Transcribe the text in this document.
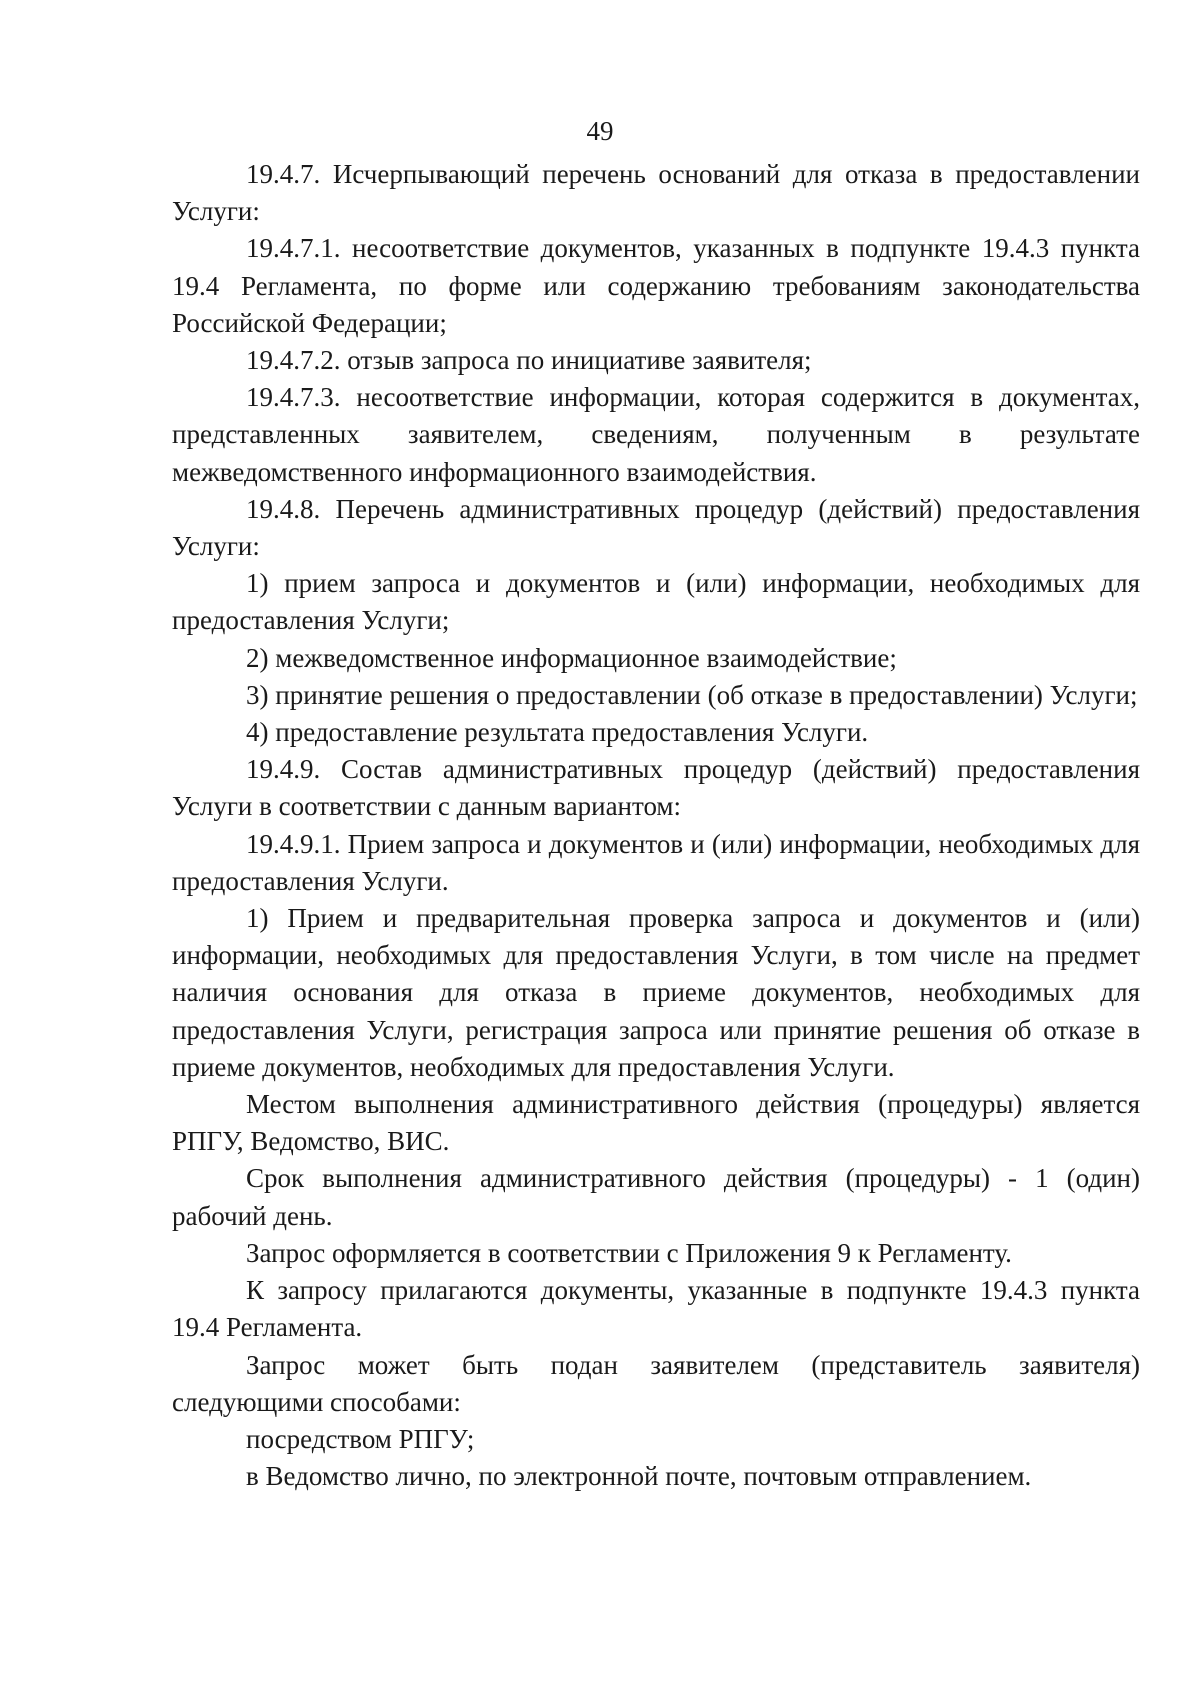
49

19.4.7. Исчерпывающий перечень оснований для отказа в предоставлении Услуги:

19.4.7.1. несоответствие документов, указанных в подпункте 19.4.3 пункта 19.4 Регламента, по форме или содержанию требованиям законодательства Российской Федерации;

19.4.7.2. отзыв запроса по инициативе заявителя;

19.4.7.3. несоответствие информации, которая содержится в документах, представленных заявителем, сведениям, полученным в результате межведомственного информационного взаимодействия.

19.4.8. Перечень административных процедур (действий) предоставления Услуги:

1) прием запроса и документов и (или) информации, необходимых для предоставления Услуги;

2) межведомственное информационное взаимодействие;

3) принятие решения о предоставлении (об отказе в предоставлении) Услуги;

4) предоставление результата предоставления Услуги.

19.4.9. Состав административных процедур (действий) предоставления Услуги в соответствии с данным вариантом:

19.4.9.1. Прием запроса и документов и (или) информации, необходимых для предоставления Услуги.

1) Прием и предварительная проверка запроса и документов и (или) информации, необходимых для предоставления Услуги, в том числе на предмет наличия основания для отказа в приеме документов, необходимых для предоставления Услуги, регистрация запроса или принятие решения об отказе в приеме документов, необходимых для предоставления Услуги.

Местом выполнения административного действия (процедуры) является РПГУ, Ведомство, ВИС.

Срок выполнения административного действия (процедуры) - 1 (один) рабочий день.

Запрос оформляется в соответствии с Приложения 9 к Регламенту.

К запросу прилагаются документы, указанные в подпункте 19.4.3 пункта 19.4 Регламента.

Запрос может быть подан заявителем (представитель заявителя) следующими способами:

посредством РПГУ;

в Ведомство лично, по электронной почте, почтовым отправлением.
